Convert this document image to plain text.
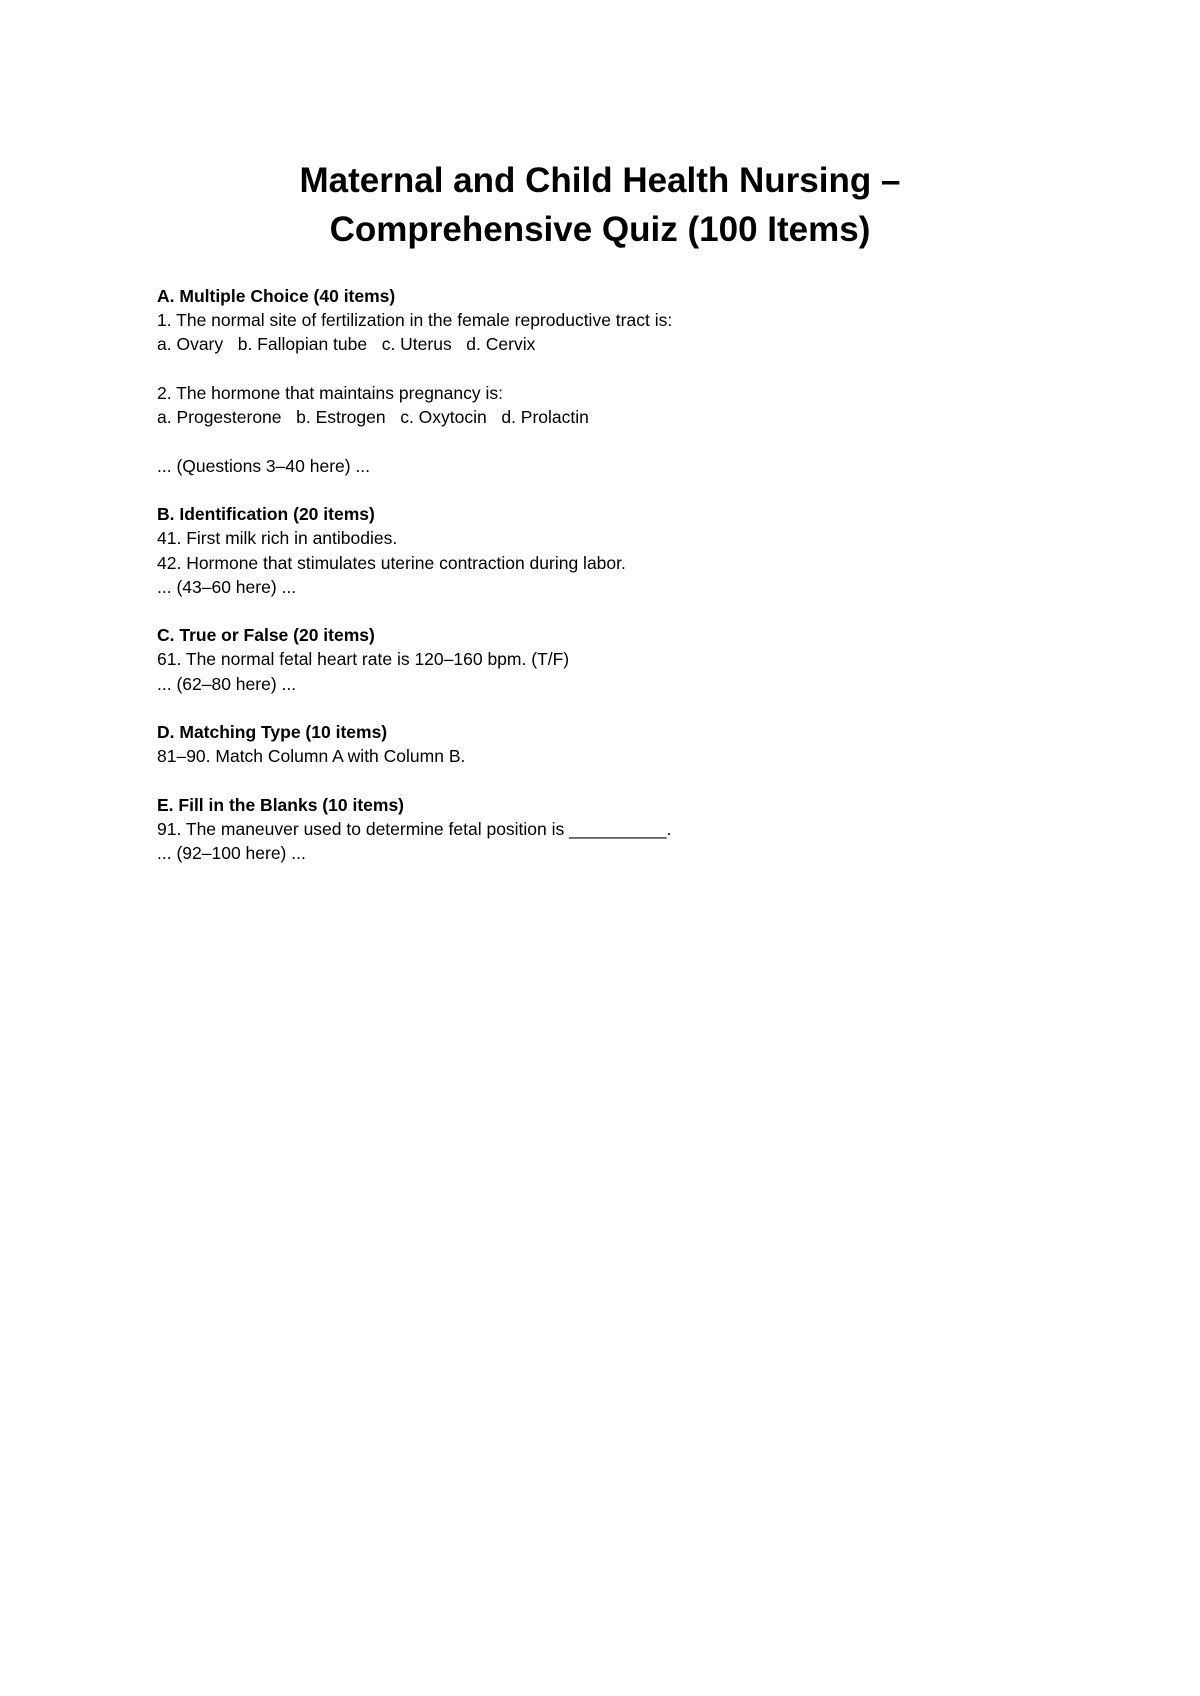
Maternal and Child Health Nursing –
Comprehensive Quiz (100 Items)
A. Multiple Choice (40 items)
1. The normal site of fertilization in the female reproductive tract is:
a. Ovary   b. Fallopian tube   c. Uterus   d. Cervix
2. The hormone that maintains pregnancy is:
a. Progesterone   b. Estrogen   c. Oxytocin   d. Prolactin
... (Questions 3–40 here) ...
B. Identification (20 items)
41. First milk rich in antibodies.
42. Hormone that stimulates uterine contraction during labor.
... (43–60 here) ...
C. True or False (20 items)
61. The normal fetal heart rate is 120–160 bpm. (T/F)
... (62–80 here) ...
D. Matching Type (10 items)
81–90. Match Column A with Column B.
E. Fill in the Blanks (10 items)
91. The maneuver used to determine fetal position is __________.
... (92–100 here) ...
